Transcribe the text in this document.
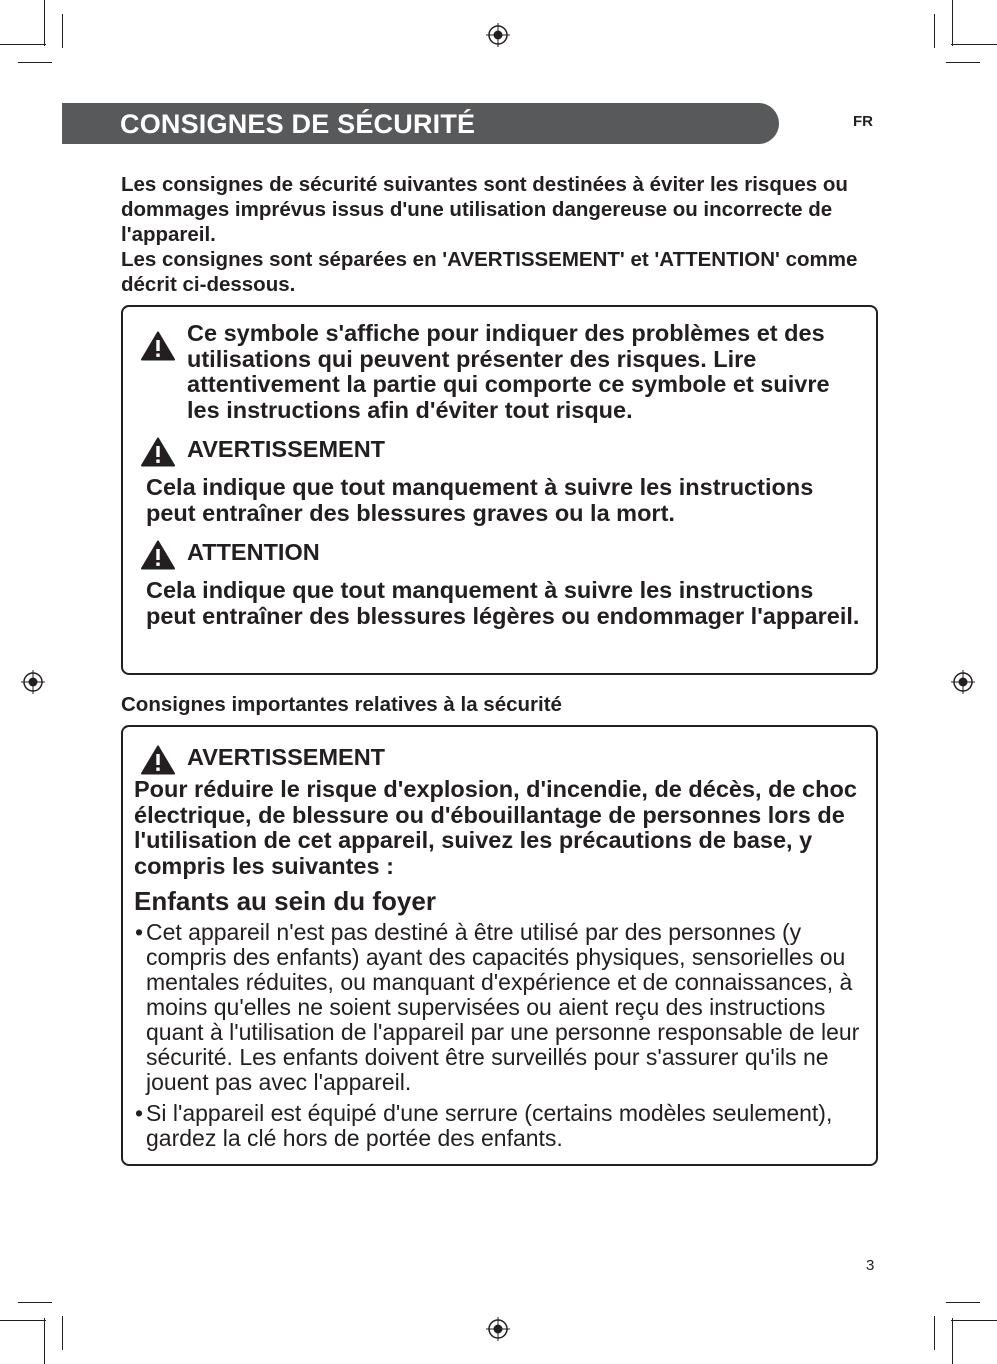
CONSIGNES DE SÉCURITÉ	FR

Les consignes de sécurité suivantes sont destinées à éviter les risques ou dommages imprévus issus d'une utilisation dangereuse ou incorrecte de l'appareil.

Les consignes sont séparées en 'AVERTISSEMENT' et 'ATTENTION' comme décrit ci-dessous.

Ce symbole s'affiche pour indiquer des problèmes et des utilisations qui peuvent présenter des risques. Lire attentivement la partie qui comporte ce symbole et suivre les instructions afin d'éviter tout risque.

AVERTISSEMENT

Cela indique que tout manquement à suivre les instructions peut entraîner des blessures graves ou la mort.

ATTENTION

Cela indique que tout manquement à suivre les instructions peut entraîner des blessures légères ou endommager l'appareil.

Consignes importantes relatives à la sécurité

AVERTISSEMENT

Pour réduire le risque d'explosion, d'incendie, de décès, de choc électrique, de blessure ou d'ébouillantage de personnes lors de l'utilisation de cet appareil, suivez les précautions de base, y compris les suivantes :

Enfants au sein du foyer

• Cet appareil n'est pas destiné à être utilisé par des personnes (y compris des enfants) ayant des capacités physiques, sensorielles ou mentales réduites, ou manquant d'expérience et de connaissances, à moins qu'elles ne soient supervisées ou aient reçu des instructions quant à l'utilisation de l'appareil par une personne responsable de leur sécurité. Les enfants doivent être surveillés pour s'assurer qu'ils ne jouent pas avec l'appareil.

• Si l'appareil est équipé d'une serrure (certains modèles seulement), gardez la clé hors de portée des enfants.

3
